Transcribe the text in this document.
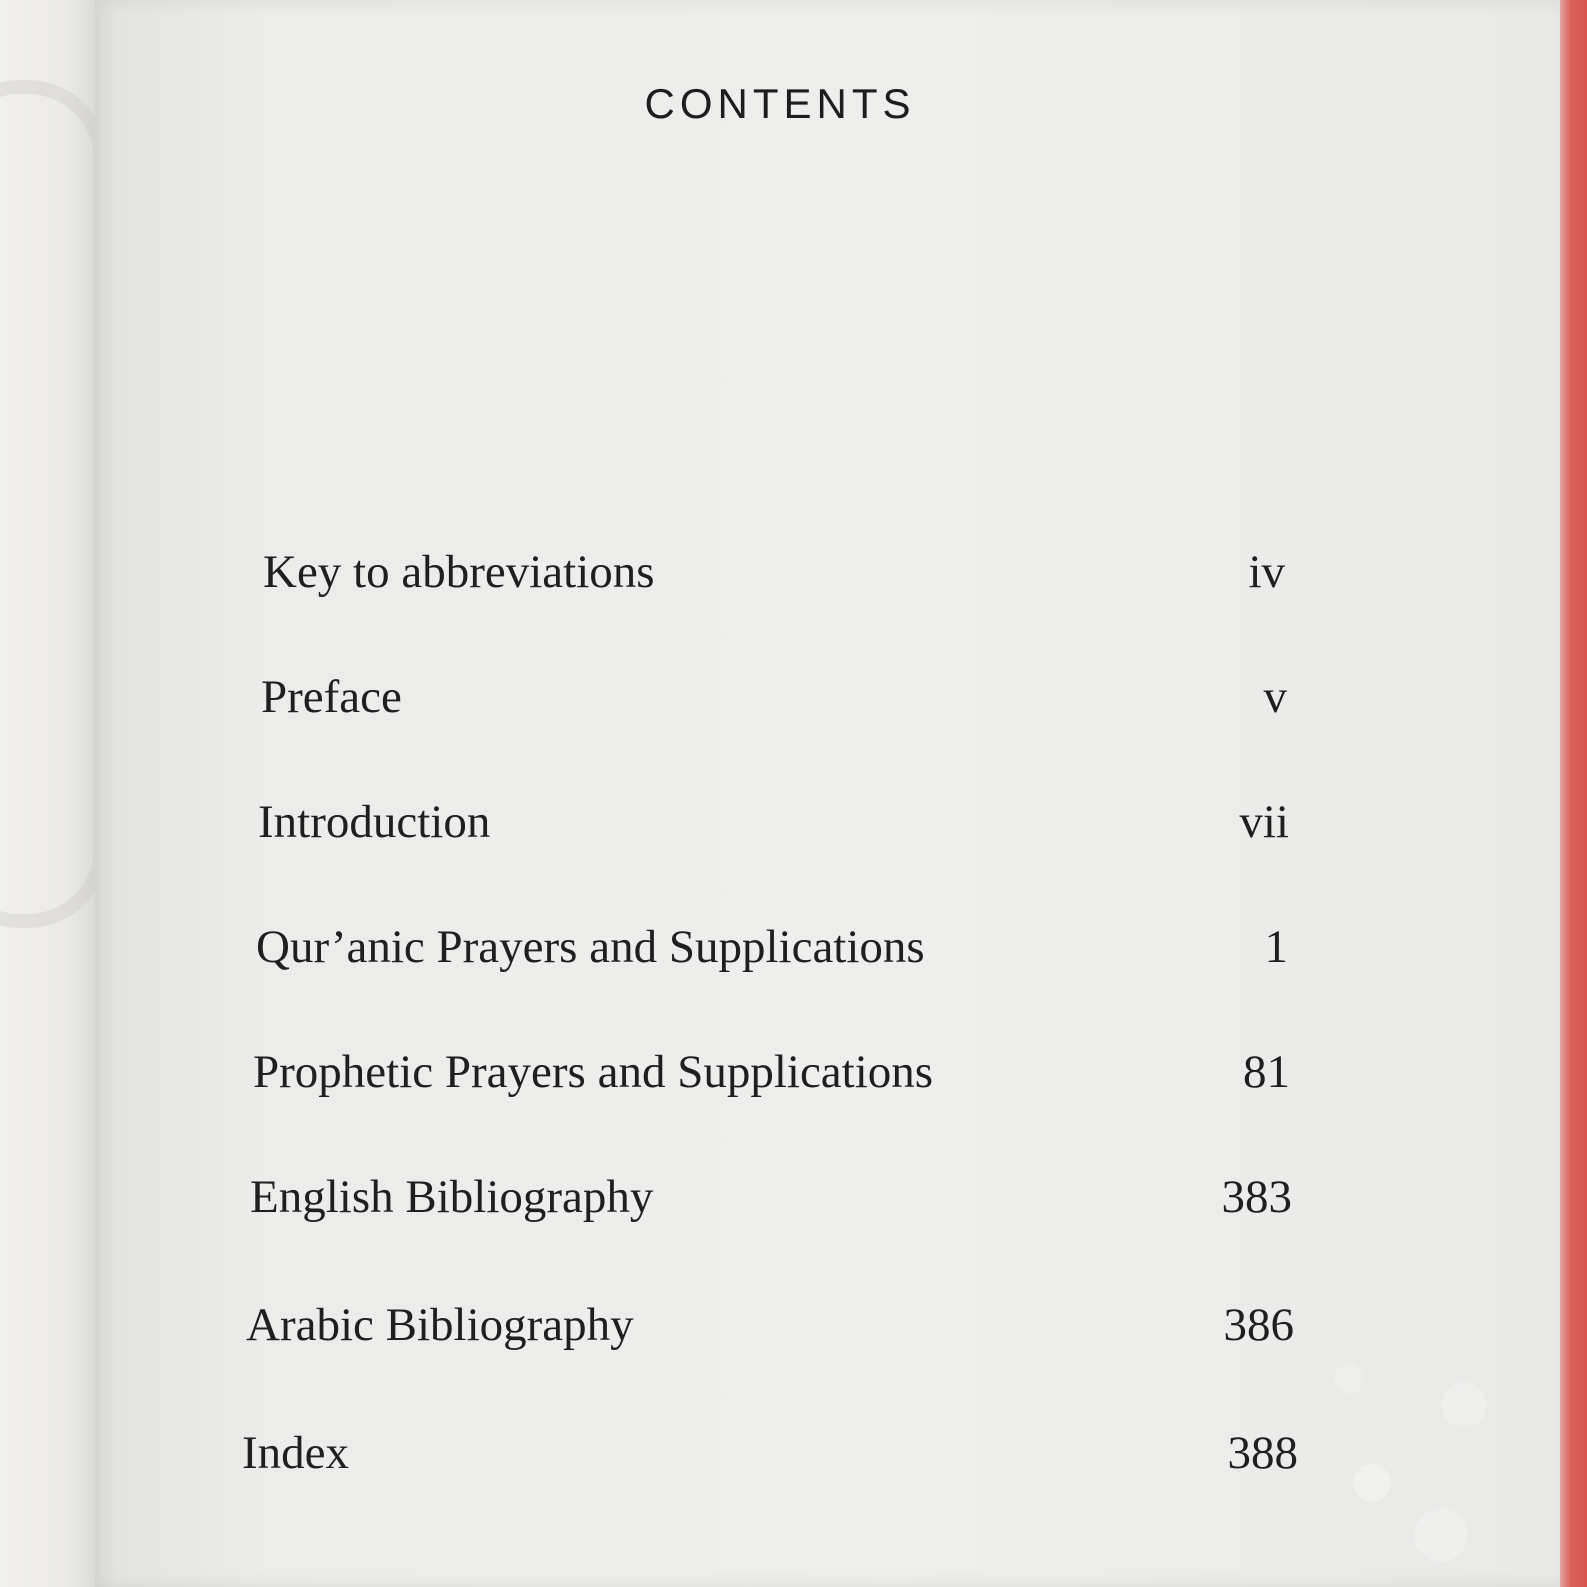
CONTENTS
Key to abbreviations	iv
Preface	v
Introduction	vii
Qur’anic Prayers and Supplications	1
Prophetic Prayers and Supplications	81
English Bibliography	383
Arabic Bibliography	386
Index	388
